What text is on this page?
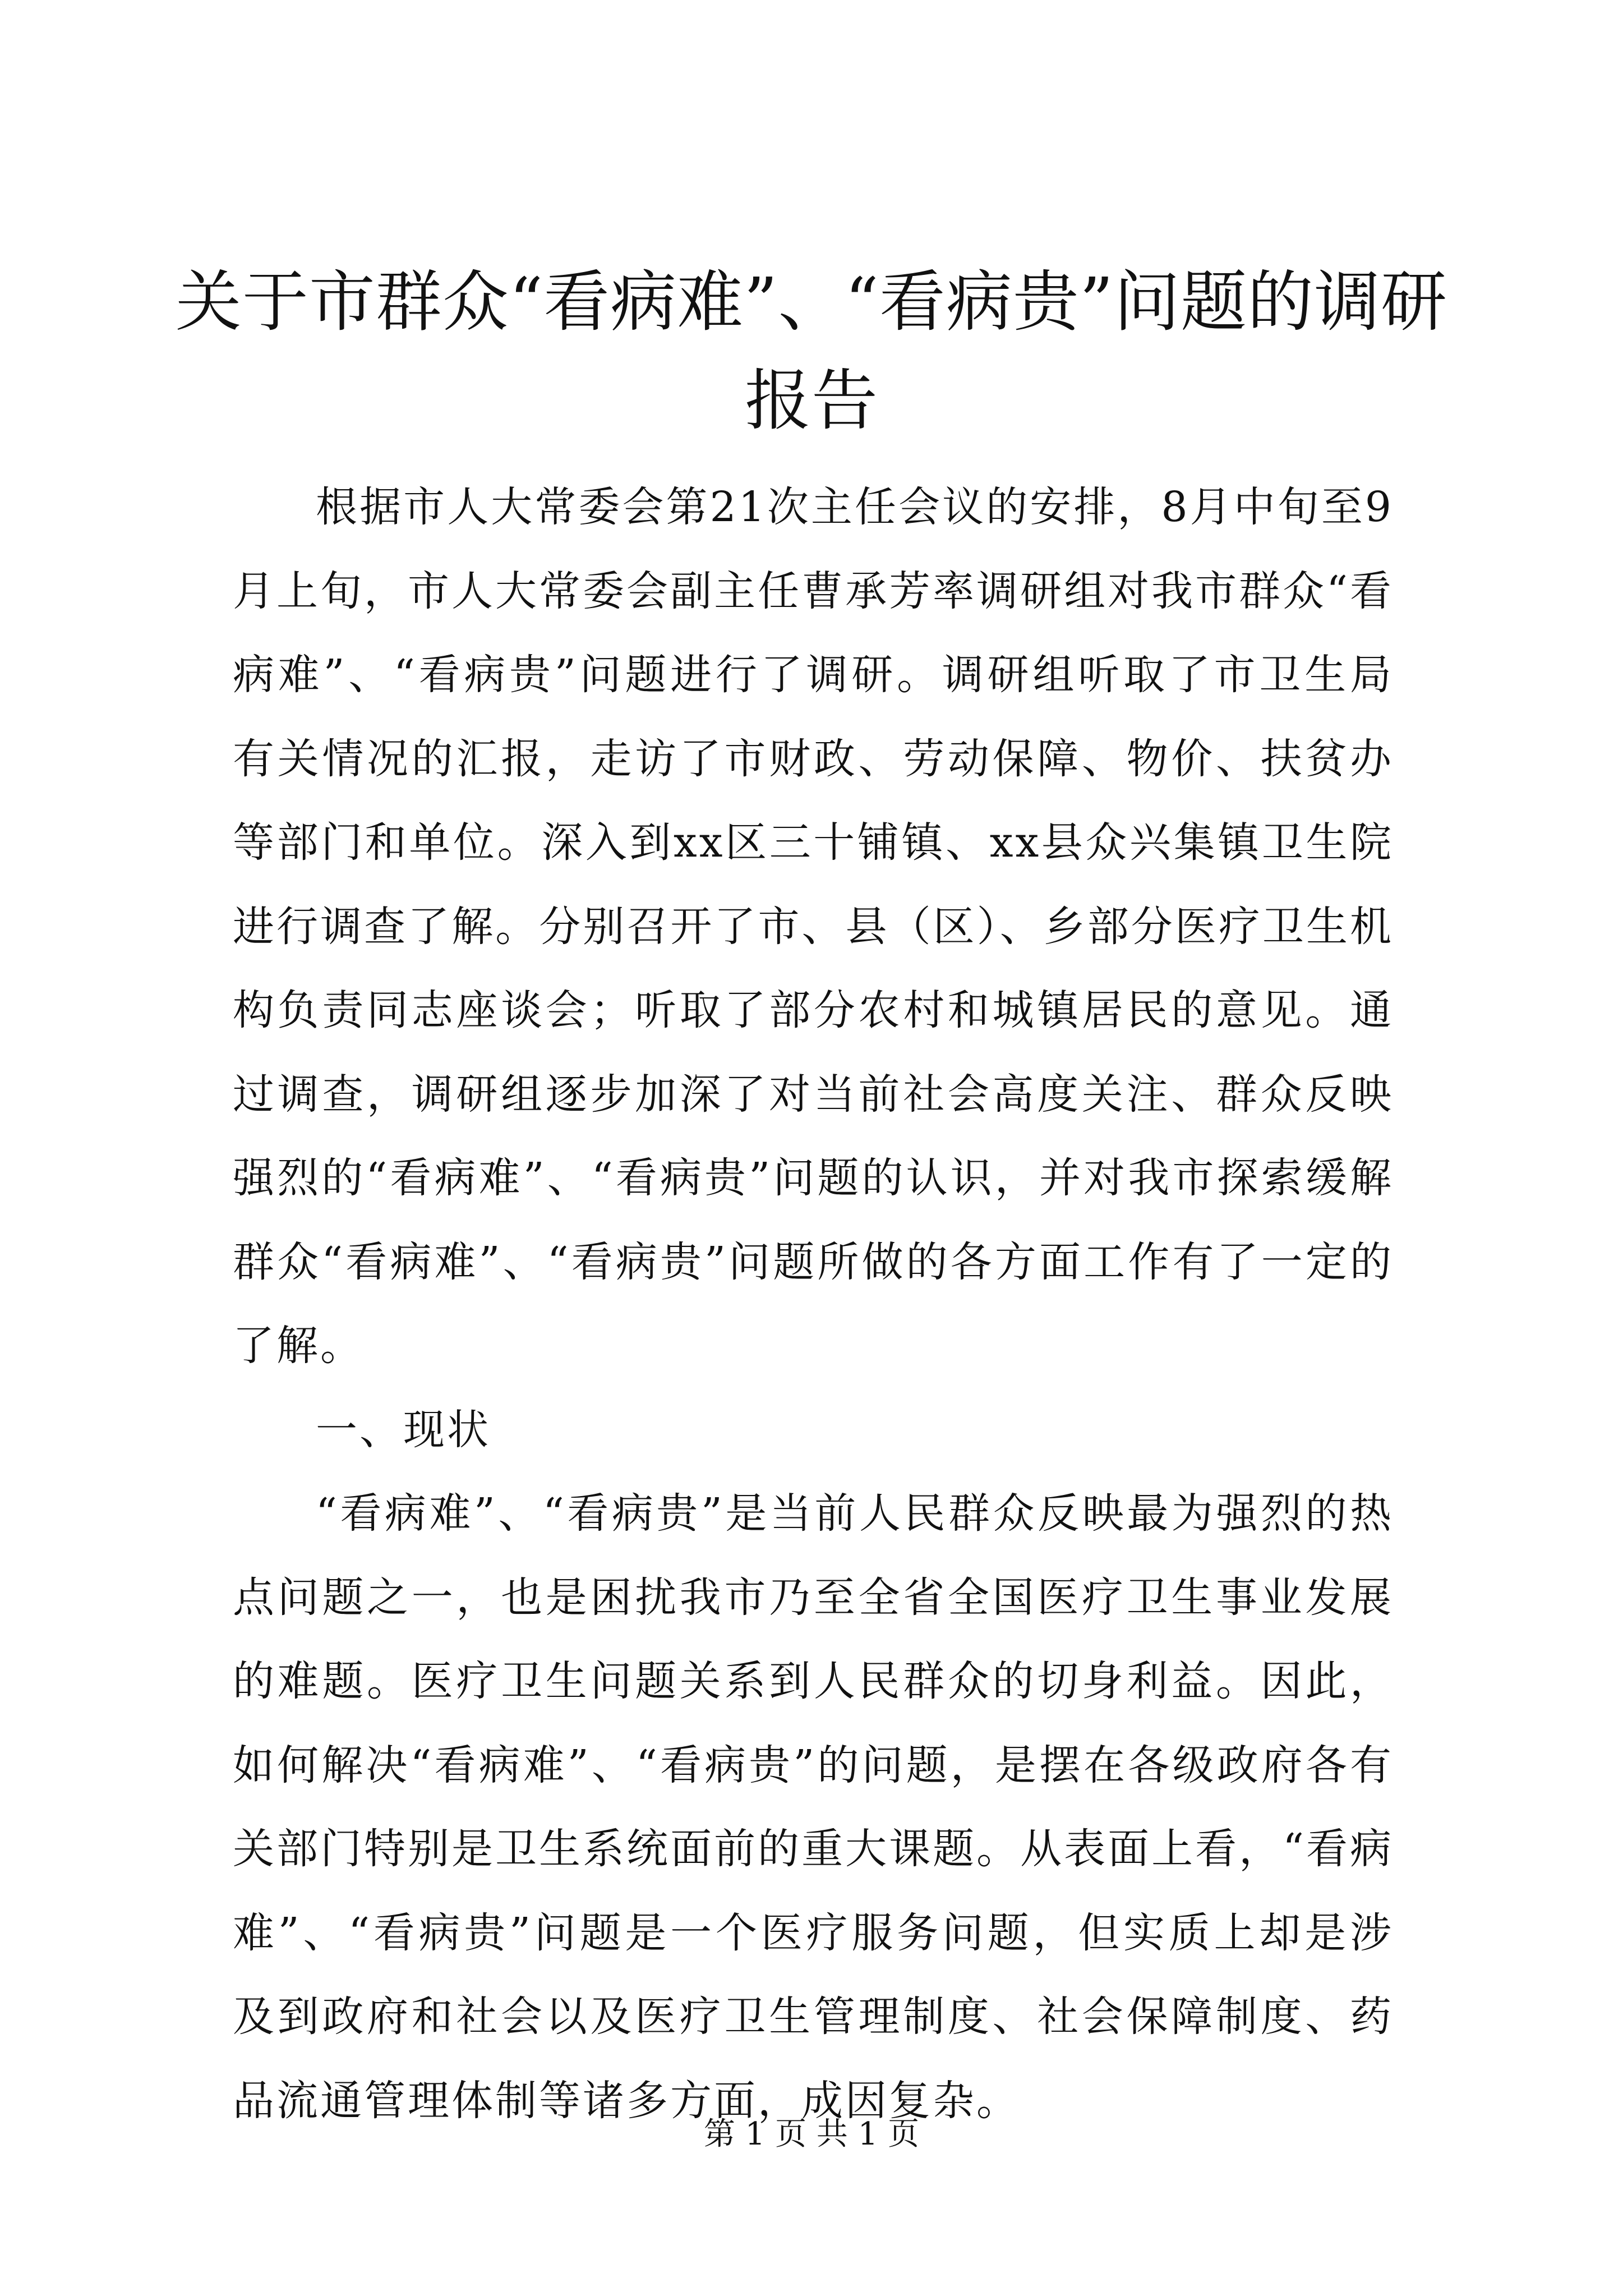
关于市群众“看病难”、“看病贵”问题的调研报告

根据市人大常委会第21次主任会议的安排，8月中旬至9月上旬，市人大常委会副主任曹承芳率调研组对我市群众“看病难”、“看病贵”问题进行了调研。调研组听取了市卫生局有关情况的汇报，走访了市财政、劳动保障、物价、扶贫办等部门和单位。深入到xx区三十铺镇、xx县众兴集镇卫生院进行调查了解。分别召开了市、县（区）、乡部分医疗卫生机构负责同志座谈会；听取了部分农村和城镇居民的意见。通过调查，调研组逐步加深了对当前社会高度关注、群众反映强烈的“看病难”、“看病贵”问题的认识，并对我市探索缓解群众“看病难”、“看病贵”问题所做的各方面工作有了一定的了解。

一、现状

“看病难”、“看病贵”是当前人民群众反映最为强烈的热点问题之一，也是困扰我市乃至全省全国医疗卫生事业发展的难题。医疗卫生问题关系到人民群众的切身利益。因此，如何解决“看病难”、“看病贵”的问题，是摆在各级政府各有关部门特别是卫生系统面前的重大课题。从表面上看，“看病难”、“看病贵”问题是一个医疗服务问题，但实质上却是涉及到政府和社会以及医疗卫生管理制度、社会保障制度、药品流通管理体制等诸多方面，成因复杂。

第 1 页 共 1 页
